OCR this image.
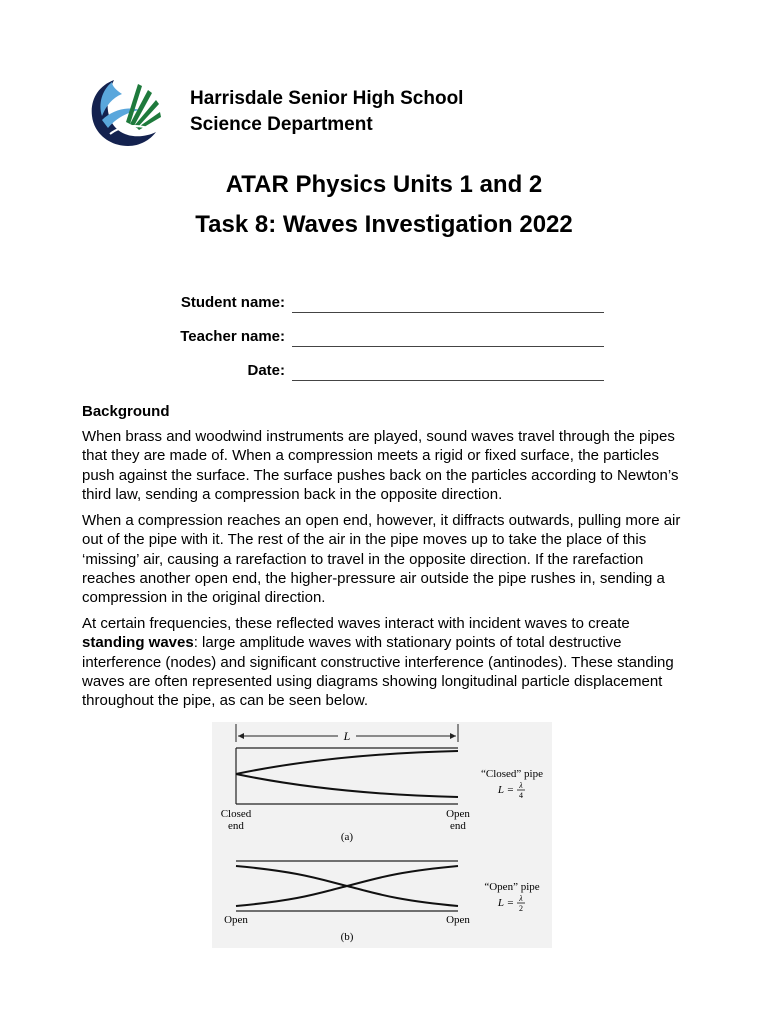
Harrisdale Senior High School
Science Department
ATAR Physics Units 1 and 2
Task 8: Waves Investigation 2022
Student name:
Teacher name:
Date:
Background
When brass and woodwind instruments are played, sound waves travel through the pipes that they are made of. When a compression meets a rigid or fixed surface, the particles push against the surface. The surface pushes back on the particles according to Newton’s third law, sending a compression back in the opposite direction.
When a compression reaches an open end, however, it diffracts outwards, pulling more air out of the pipe with it. The rest of the air in the pipe moves up to take the place of this ‘missing’ air, causing a rarefaction to travel in the opposite direction. If the rarefaction reaches another open end, the higher-pressure air outside the pipe rushes in, sending a compression in the original direction.
At certain frequencies, these reflected waves interact with incident waves to create standing waves: large amplitude waves with stationary points of total destructive interference (nodes) and significant constructive interference (antinodes). These standing waves are often represented using diagrams showing longitudinal particle displacement throughout the pipe, as can be seen below.
L
“Closed” pipe
L = λ
4
Closed
end
Open
end
(a)
“Open” pipe
L = λ
2
Open	Open
(b)
